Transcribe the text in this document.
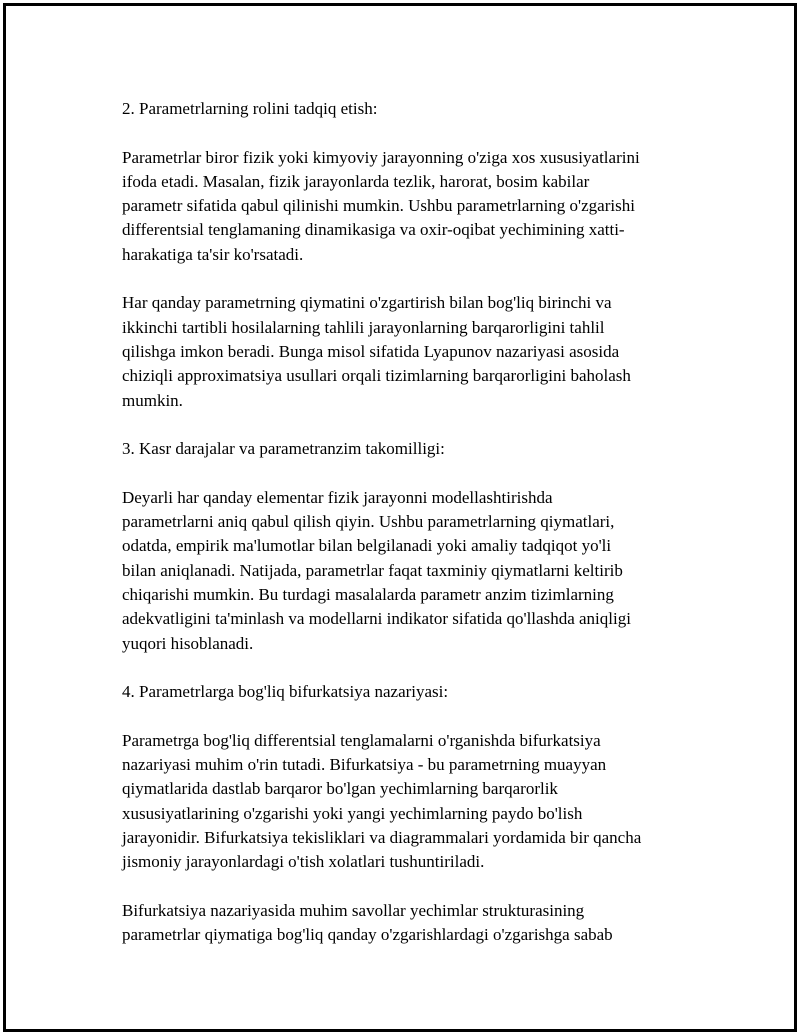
2. Parametrlarning rolini tadqiq etish:

Parametrlar biror fizik yoki kimyoviy jarayonning o'ziga xos xususiyatlarini
ifoda etadi. Masalan, fizik jarayonlarda tezlik, harorat, bosim kabilar
parametr sifatida qabul qilinishi mumkin. Ushbu parametrlarning o'zgarishi
differentsial tenglamaning dinamikasiga va oxir-oqibat yechimining xatti-
harakatiga ta'sir ko'rsatadi.

Har qanday parametrning qiymatini o'zgartirish bilan bog'liq birinchi va
ikkinchi tartibli hosilalarning tahlili jarayonlarning barqarorligini tahlil
qilishga imkon beradi. Bunga misol sifatida Lyapunov nazariyasi asosida
chiziqli approximatsiya usullari orqali tizimlarning barqarorligini baholash
mumkin.

3. Kasr darajalar va parametranzim takomilligi:

Deyarli har qanday elementar fizik jarayonni modellashtirishda
parametrlarni aniq qabul qilish qiyin. Ushbu parametrlarning qiymatlari,
odatda, empirik ma'lumotlar bilan belgilanadi yoki amaliy tadqiqot yo'li
bilan aniqlanadi. Natijada, parametrlar faqat taxminiy qiymatlarni keltirib
chiqarishi mumkin. Bu turdagi masalalarda parametr anzim tizimlarning
adekvatligini ta'minlash va modellarni indikator sifatida qo'llashda aniqligi
yuqori hisoblanadi.

4. Parametrlarga bog'liq bifurkatsiya nazariyasi:

Parametrga bog'liq differentsial tenglamalarni o'rganishda bifurkatsiya
nazariyasi muhim o'rin tutadi. Bifurkatsiya - bu parametrning muayyan
qiymatlarida dastlab barqaror bo'lgan yechimlarning barqarorlik
xususiyatlarining o'zgarishi yoki yangi yechimlarning paydo bo'lish
jarayonidir. Bifurkatsiya tekisliklari va diagrammalari yordamida bir qancha
jismoniy jarayonlardagi o'tish xolatlari tushuntiriladi.

Bifurkatsiya nazariyasida muhim savollar yechimlar strukturasining
parametrlar qiymatiga bog'liq qanday o'zgarishlardagi o'zgarishga sabab
